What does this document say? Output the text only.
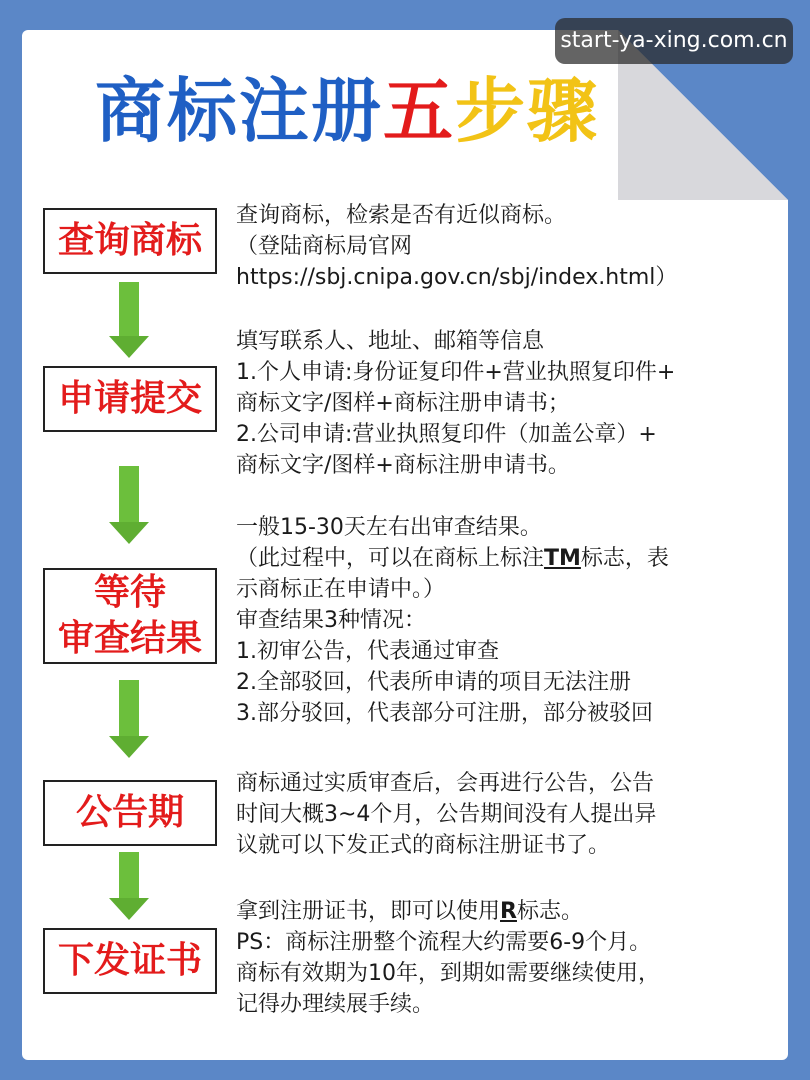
start-ya-xing.com.cn
商标注册五步骤
查询商标
查询商标，检索是否有近似商标。
（登陆商标局官网
https://sbj.cnipa.gov.cn/sbj/index.html）
申请提交
填写联系人、地址、邮箱等信息
1.个人申请:身份证复印件+营业执照复印件+
商标文字/图样+商标注册申请书；
2.公司申请:营业执照复印件（加盖公章）+
商标文字/图样+商标注册申请书。
等待
审查结果
一般15-30天左右出审查结果。
（此过程中，可以在商标上标注TM标志，表
示商标正在申请中。）
审查结果3种情况：
1.初审公告，代表通过审查
2.全部驳回，代表所申请的项目无法注册
3.部分驳回，代表部分可注册，部分被驳回
公告期
商标通过实质审查后，会再进行公告，公告
时间大概3~4个月，公告期间没有人提出异
议就可以下发正式的商标注册证书了。
下发证书
拿到注册证书，即可以使用R标志。
PS：商标注册整个流程大约需要6-9个月。
商标有效期为10年，到期如需要继续使用，
记得办理续展手续。
